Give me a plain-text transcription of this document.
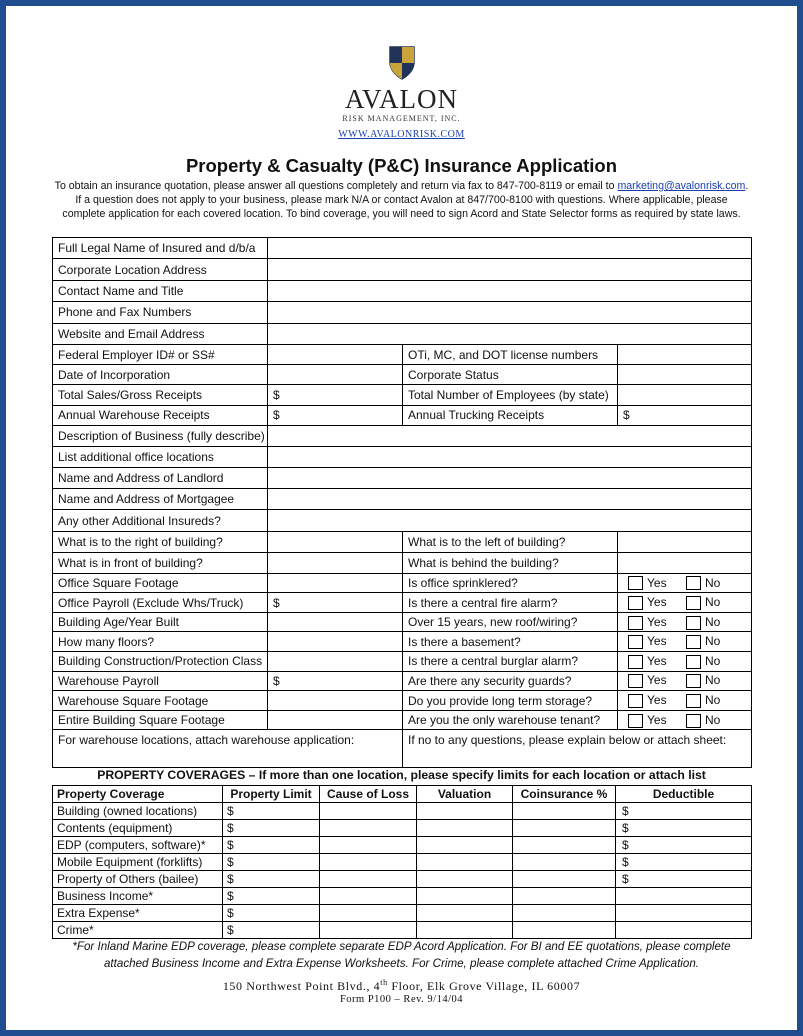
AVALON
RISK MANAGEMENT, INC.
WWW.AVALONRISK.COM
Property & Casualty (P&C) Insurance Application
To obtain an insurance quotation, please answer all questions completely and return via fax to 847-700-8119 or email to marketing@avalonrisk.com.
If a question does not apply to your business, please mark N/A or contact Avalon at 847/700-8100 with questions. Where applicable, please
complete application for each covered location. To bind coverage, you will need to sign Acord and State Selector forms as required by state laws.
Full Legal Name of Insured and d/b/a			
Corporate Location Address			
Contact Name and Title			
Phone and Fax Numbers			
Website and Email Address			
Federal Employer ID# or SS#		OTi, MC, and DOT license numbers	
Date of Incorporation		Corporate Status	
Total Sales/Gross Receipts	$	Total Number of Employees (by state)	
Annual Warehouse Receipts	$	Annual Trucking Receipts	$
Description of Business (fully describe)			
List additional office locations			
Name and Address of Landlord			
Name and Address of Mortgagee			
Any other Additional Insureds?			
What is to the right of building?		What is to the left of building?	
What is in front of building?		What is behind the building?	
Office Square Footage		Is office sprinklered?	Yes No
Office Payroll (Exclude Whs/Truck)	$	Is there a central fire alarm?	Yes No
Building Age/Year Built		Over 15 years, new roof/wiring?	Yes No
How many floors?		Is there a basement?	Yes No
Building Construction/Protection Class		Is there a central burglar alarm?	Yes No
Warehouse Payroll	$	Are there any security guards?	Yes No
Warehouse Square Footage		Do you provide long term storage?	Yes No
Entire Building Square Footage		Are you the only warehouse tenant?	Yes No
For warehouse locations, attach warehouse application:		If no to any questions, please explain below or attach sheet:	
PROPERTY COVERAGES – If more than one location, please specify limits for each location or attach list
Property Coverage	Property Limit	Cause of Loss	Valuation	Coinsurance %	Deductible
Building (owned locations)	$				$
Contents (equipment)	$				$
EDP (computers, software)*	$				$
Mobile Equipment (forklifts)	$				$
Property of Others (bailee)	$				$
Business Income*	$				
Extra Expense*	$				
Crime*	$				
*For Inland Marine EDP coverage, please complete separate EDP Acord Application. For BI and EE quotations, please complete
attached Business Income and Extra Expense Worksheets. For Crime, please complete attached Crime Application.
150 Northwest Point Blvd., 4th Floor, Elk Grove Village, IL 60007
Form P100 – Rev. 9/14/04
